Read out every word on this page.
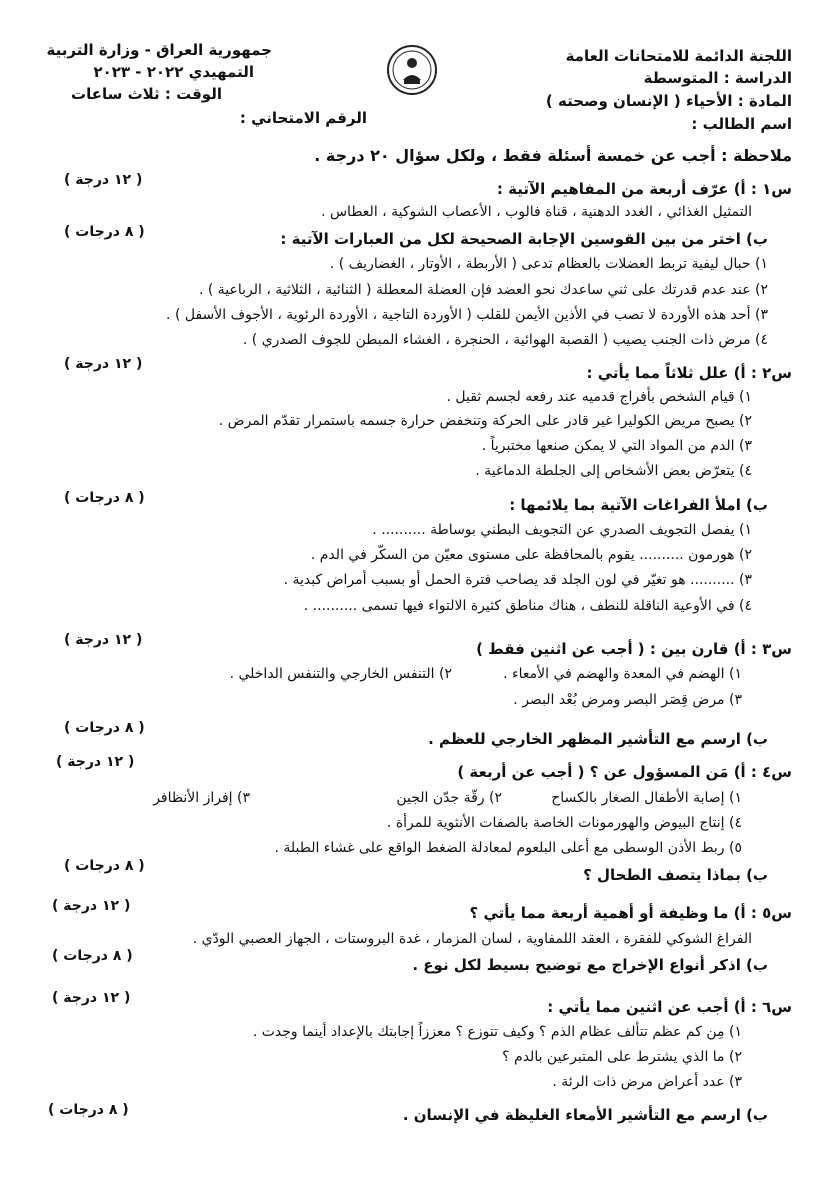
اللجنة الدائمة للامتحانات العامة
الدراسة : المتوسطة
المادة : الأحياء ( الإنسان وصحته )
اسم الطالب :
جمهورية العراق - وزارة التربية
التمهيدي ٢٠٢٢ - ٢٠٢٣
الوقت : ثلاث ساعات
الرقم الامتحاني :
ملاحظة : أجب عن خمسة أسئلة فقط ، ولكل سؤال ٢٠ درجة .
( ١٢ درجة )	س١ : أ) عرّف أربعة من المفاهيم الآتية :
التمثيل الغذائي ، الغدد الدهنية ، قناة فالوب ، الأعصاب الشوكية ، العطاس .
( ٨ درجات )	ب) اختر من بين القوسين الإجابة الصحيحة لكل من العبارات الآتية :
١) حبال ليفية تربط العضلات بالعظام تدعى ( الأربطة ، الأوتار ، الغضاريف ) .
٢) عند عدم قدرتك على ثني ساعدك نحو العضد فإن العضلة المعطلة ( الثنائية ، الثلاثية ، الرباعية ) .
٣) أحد هذه الأوردة لا تصب في الأذين الأيمن للقلب ( الأوردة التاجية ، الأوردة الرئوية ، الأجوف الأسفل ) .
٤) مرض ذات الجنب يصيب ( القصبة الهوائية ، الحنجرة ، الغشاء المبطن للجوف الصدري ) .
( ١٢ درجة )	س٢ : أ) علل ثلاثاً مما يأتي :
١) قيام الشخص بأفراج قدميه عند رفعه لجسم ثقيل .
٢) يصبح مريض الكوليرا غير قادر على الحركة وتنخفض حرارة جسمه باستمرار تقدّم المرض .
٣) الدم من المواد التي لا يمكن صنعها مختبرياً .
٤) يتعرّض بعض الأشخاص إلى الجلطة الدماغية .
( ٨ درجات )	ب) املأ الفراغات الآتية بما يلائمها :
١) يفصل التجويف الصدري عن التجويف البطني بوساطة .......... .
٢) هورمون .......... يقوم بالمحافظة على مستوى معيّن من السكّر في الدم .
٣) .......... هو تغيّر في لون الجلد قد يصاحب فترة الحمل أو بسبب أمراض كبدية .
٤) في الأوعية الناقلة للنطف ، هناك مناطق كثيرة الالتواء فيها تسمى .......... .
( ١٢ درجة )	س٣ : أ) قارن بين : ( أجب عن اثنين فقط )
١) الهضم في المعدة والهضم في الأمعاء .
٢) التنفس الخارجي والتنفس الداخلي .
٣) مرض قِصَر البصر ومرض بُعْد البصر .
( ٨ درجات )
ب) ارسم مع التأشير المظهر الخارجي للعظم .
( ١٢ درجة )
س٤ : أ) مَن المسؤول عن ؟ ( أجب عن أربعة )
١) إصابة الأطفال الصغار بالكساح
٢) رقّة جدّن الجين
٣) إفراز الأنظافر
٤) إنتاج البيوض والهورمونات الخاصة بالصفات الأنثوية للمرأة .
٥) ربط الأذن الوسطى مع أعلى البلعوم لمعادلة الضغط الواقع على غشاء الطبلة .
( ٨ درجات )	ب) بماذا يتصف الطحال ؟
( ١٢ درجة )	س٥ : أ) ما وظيفة أو أهمية أربعة مما يأتي ؟
الفراغ الشوكي للفقرة ، العقد اللمفاوية ، لسان المزمار ، غدة البروستات ، الجهاز العصبي الودّي .
( ٨ درجات )	ب) اذكر أنواع الإخراج مع توضيح بسيط لكل نوع .
( ١٢ درجة )	س٦ : أ) أجب عن اثنين مما يأتي :
١) مِن كم عظم تتألف عظام الذم ؟ وكيف تتوزع ؟ معززاً إجابتك بالإعداد أينما وجدت .
٢) ما الذي يشترط على المتبرعين بالدم ؟
٣) عدد أعراض مرض ذات الرئة .
( ٨ درجات )	ب) ارسم مع التأشير الأمعاء الغليظة في الإنسان .
